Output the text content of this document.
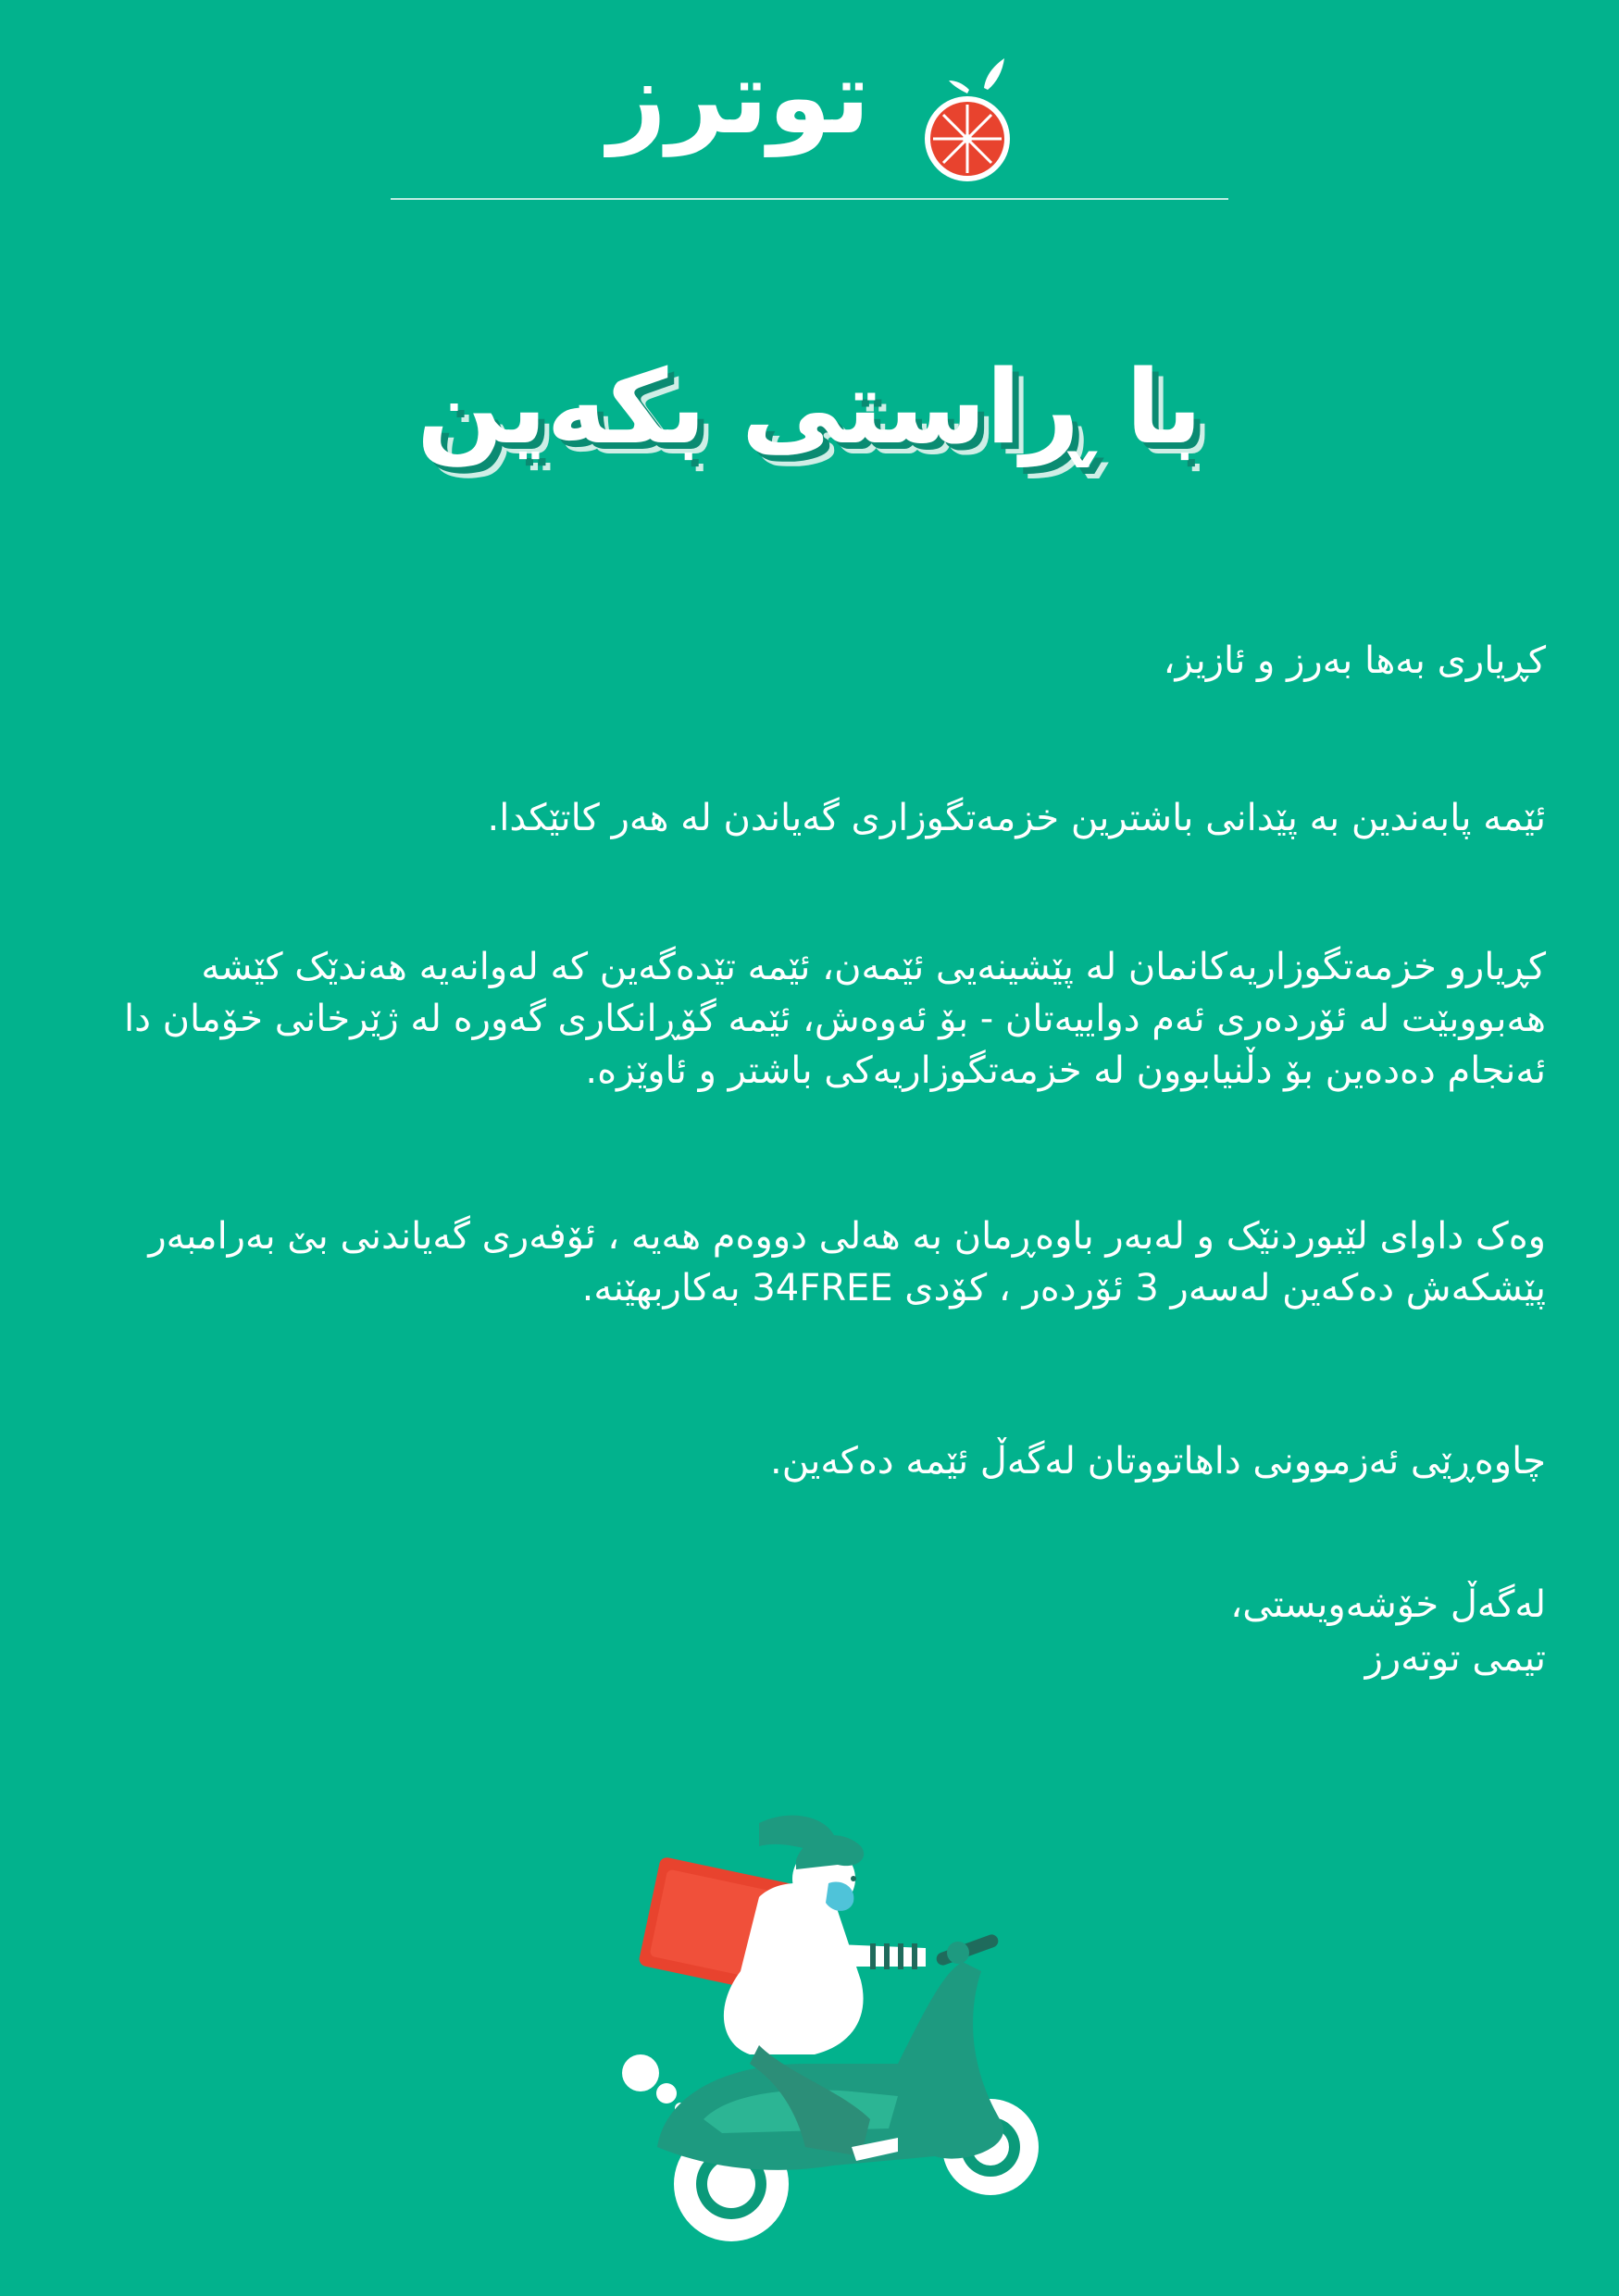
توترز
با ڕاستی بکەین

کڕیاری بەها بەرز و ئازیز،

ئێمە پابەندین بە پێدانی باشترین خزمەتگوزاری گەیاندن لە هەر کاتێکدا.

کڕیارو خزمەتگوزاریەکانمان لە پێشینەیی ئێمەن، ئێمە تێدەگەین کە لەوانەیە هەندێک کێشە هەبووبێت لە ئۆردەری ئەم دواییەتان - بۆ ئەوەش، ئێمە گۆڕانکاری گەورە لە ژێرخانی خۆمان دا ئەنجام دەدەین بۆ دڵنیابوون لە خزمەتگوزاریەکی باشتر و ئاوێزە.

وەک داوای لێبوردنێک و لەبەر باوەڕمان بە هەلی دووەم هەیە ، ئۆفەری گەیاندنی بێ بەرامبەر پێشکەش دەکەین لەسەر 3 ئۆردەر ، کۆدی 34FREE بەکاربهێنە.

چاوەڕێی ئەزموونی داهاتووتان لەگەڵ ئێمە دەکەین.

لەگەڵ خۆشەویستی،

تیمی توتەرز
